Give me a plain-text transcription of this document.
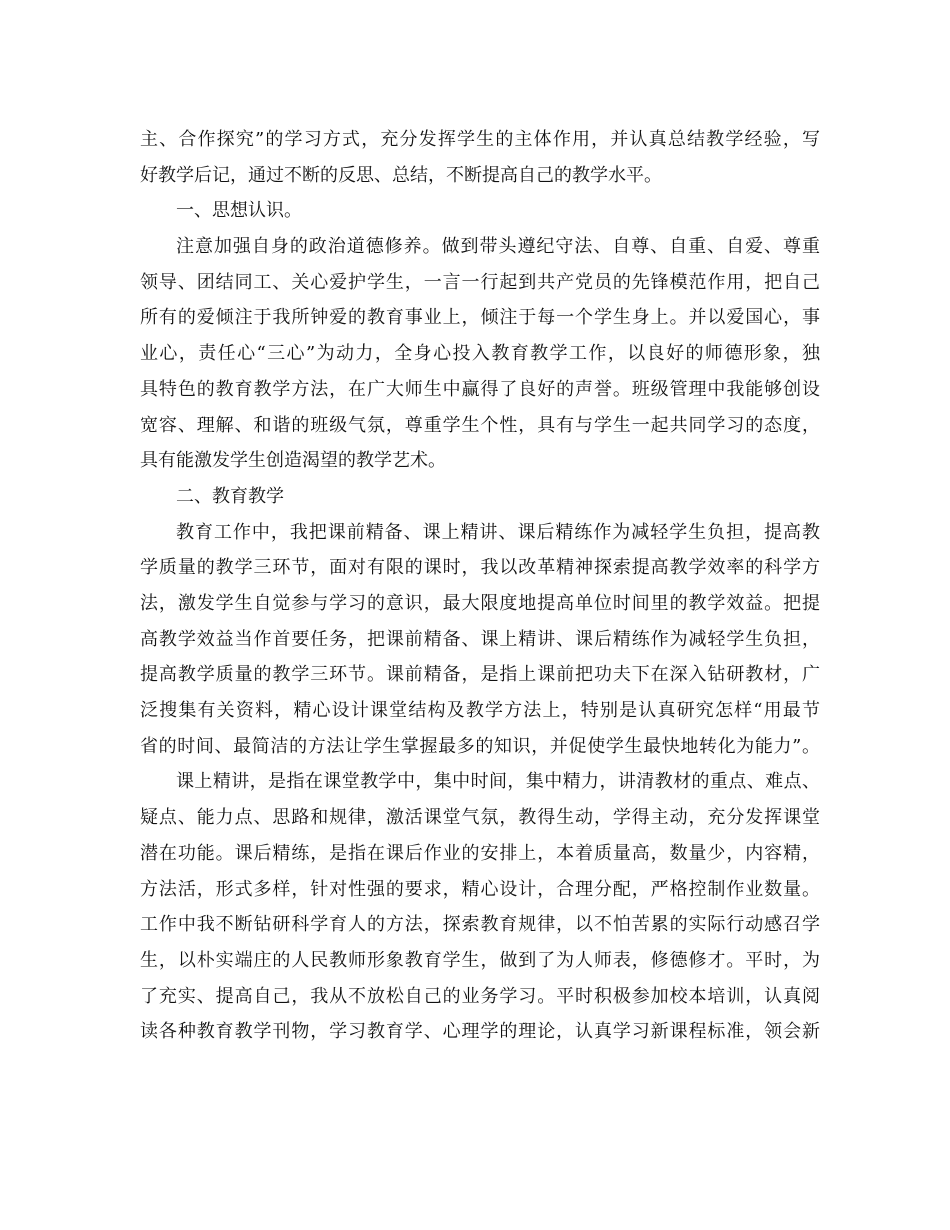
主、合作探究”的学习方式，充分发挥学生的主体作用，并认真总结教学经验，写
好教学后记，通过不断的反思、总结，不断提高自己的教学水平。
一、思想认识。
注意加强自身的政治道德修养。做到带头遵纪守法、自尊、自重、自爱、尊重
领导、团结同工、关心爱护学生，一言一行起到共产党员的先锋模范作用，把自己
所有的爱倾注于我所钟爱的教育事业上，倾注于每一个学生身上。并以爱国心，事
业心，责任心“三心”为动力，全身心投入教育教学工作，以良好的师德形象，独
具特色的教育教学方法，在广大师生中赢得了良好的声誉。班级管理中我能够创设
宽容、理解、和谐的班级气氛，尊重学生个性，具有与学生一起共同学习的态度，
具有能激发学生创造渴望的教学艺术。
二、教育教学
教育工作中，我把课前精备、课上精讲、课后精练作为减轻学生负担，提高教
学质量的教学三环节，面对有限的课时，我以改革精神探索提高教学效率的科学方
法，激发学生自觉参与学习的意识，最大限度地提高单位时间里的教学效益。把提
高教学效益当作首要任务，把课前精备、课上精讲、课后精练作为减轻学生负担，
提高教学质量的教学三环节。课前精备，是指上课前把功夫下在深入钻研教材，广
泛搜集有关资料，精心设计课堂结构及教学方法上，特别是认真研究怎样“用最节
省的时间、最简洁的方法让学生掌握最多的知识，并促使学生最快地转化为能力”。
课上精讲，是指在课堂教学中，集中时间，集中精力，讲清教材的重点、难点、
疑点、能力点、思路和规律，激活课堂气氛，教得生动，学得主动，充分发挥课堂
潜在功能。课后精练，是指在课后作业的安排上，本着质量高，数量少，内容精，
方法活，形式多样，针对性强的要求，精心设计，合理分配，严格控制作业数量。
工作中我不断钻研科学育人的方法，探索教育规律，以不怕苦累的实际行动感召学
生，以朴实端庄的人民教师形象教育学生，做到了为人师表，修德修才。平时，为
了充实、提高自己，我从不放松自己的业务学习。平时积极参加校本培训，认真阅
读各种教育教学刊物，学习教育学、心理学的理论，认真学习新课程标准，领会新
